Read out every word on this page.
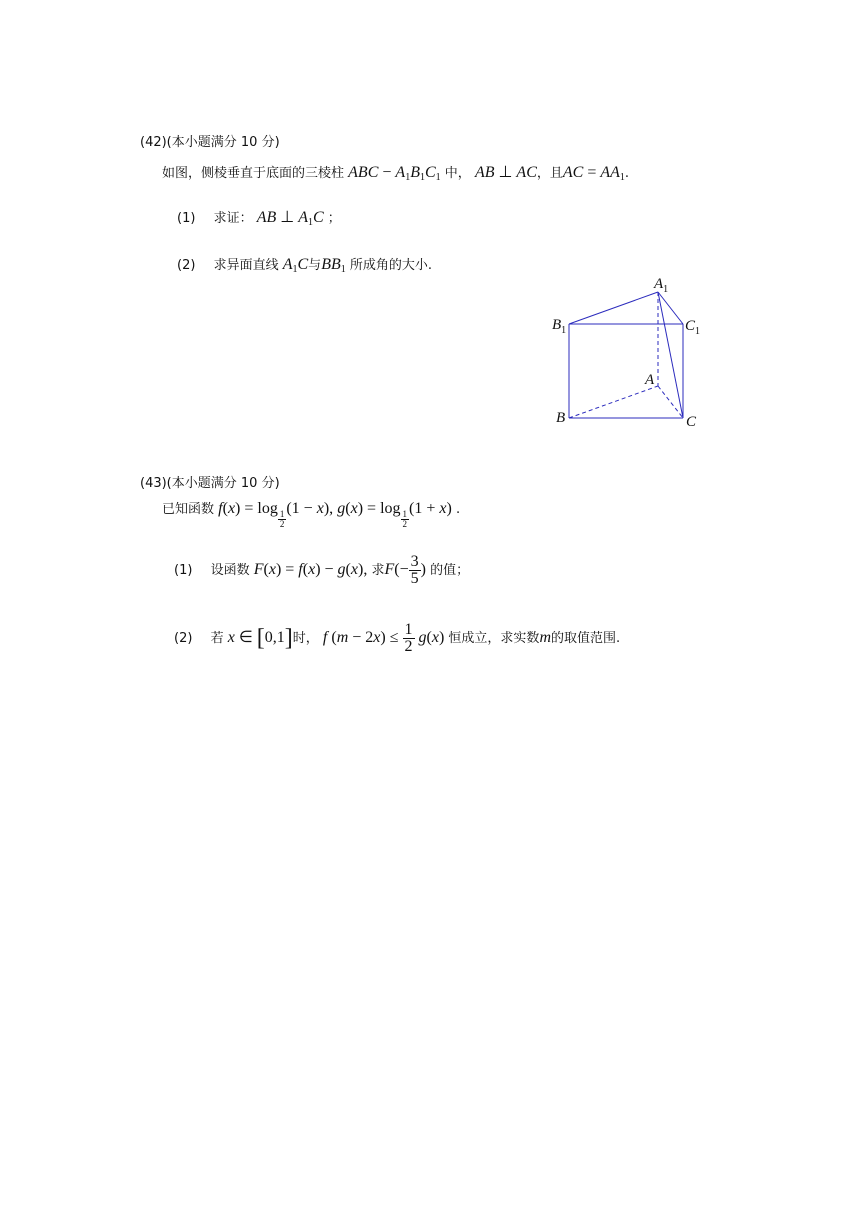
(42)(本小题满分 10 分)
如图，侧棱垂直于底面的三棱柱 ABC − $A_1B_1C_1$ 中， AB ⊥ AC，且AC = $AA_1$.
(1) 求证： AB ⊥ $A_1C$ ；
(2) 求异面直线 $A_1C$与$BB_1$ 所成角的大小.
$A_1$
$B_1$	$C_1$
A
B	C
(43)(本小题满分 10 分)
已知函数 f(x) = log
$\frac{1}{2}$
(1 − x), g(x) = log
$\frac{1}{2}$
(1 + x) .
(1) 设函数 F(x) = f(x) − g(x), 求$F(- \frac{3}{5}$ ) 的值；
(2) 若 x ∈ [0,1]时， f $(m - 2x) \le \frac{1}{2} g(x)$ 恒成立，求实数m的取值范围.
